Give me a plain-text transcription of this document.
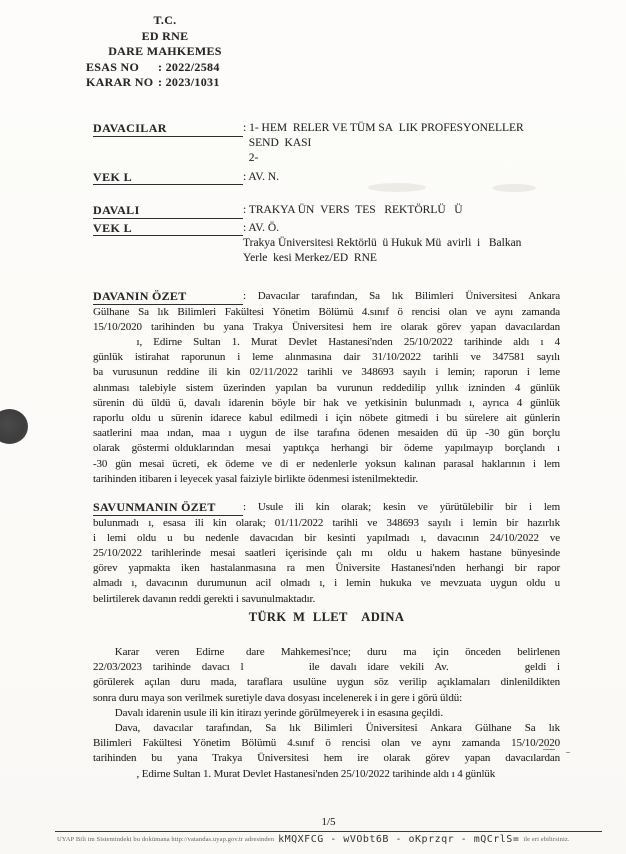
T.C.
ED RNE
DARE MAHKEMES
ESAS NO	: 2022/2584
KARAR NO : 2023/1031
DAVACILAR	: 1- HEM RELER VE TÜM SA LIK PROFESYONELLER
 SEND KASI
 2-
VEK L	: AV. N.
DAVALI	: TRAKYA ÜN VERS TES  REKTÖRLÜ  Ü
VEK L	: AV. Ö.
Trakya Üniversitesi Rektörlü ü Hukuk Mü avirli i  Balkan
Yerle kesi Merkez/ED RNE
DAVANIN ÖZET	: Davacılar tarafından, Sa lık Bilimleri Üniversitesi Ankara
Gülhane Sa lık Bilimleri Fakültesi Yönetim Bölümü 4.sınıf ö rencisi olan ve aynı zamanda
15/10/2020 tarihinden bu yana Trakya Üniversitesi hem ire olarak görev yapan davacılardan
    ı, Edirne Sultan 1. Murat Devlet Hastanesi'nden 25/10/2022 tarihinde aldı ı 4
günlük istirahat raporunun i leme alınmasına dair 31/10/2022 tarihli ve 347581 sayılı
ba vurusunun reddine ili kin 02/11/2022 tarihli ve 348693 sayılı i lemin; raporun i leme
alınması talebiyle sistem üzerinden yapılan ba vurunun reddedilip yıllık izninden 4 günlük
sürenin dü üldü ü, davalı idarenin böyle bir hak ve yetkisinin bulunmadı ı, ayrıca 4 günlük
raporlu oldu u sürenin idarece kabul edilmedi i için nöbete gitmedi i bu sürelere ait günlerin
saatlerini maa ından, maa ı uygun de ilse tarafına ödenen mesaiden dü üp -30 gün borçlu
olarak göstermi olduklarından mesai yaptıkça herhangi bir ödeme yapılmayıp borçlandı ı
-30 gün mesai ücreti, ek ödeme ve di er nedenlerle yoksun kalınan parasal haklarının i lem
tarihinden itibaren i leyecek yasal faiziyle birlikte ödenmesi istenilmektedir.
SAVUNMANIN ÖZET	: Usule ili kin olarak; kesin ve yürütülebilir bir i lem
bulunmadı ı, esasa ili kin olarak; 01/11/2022 tarihli ve 348693 sayılı i lemin bir hazırlık
i lemi oldu u bu nedenle davacıdan bir kesinti yapılmadı ı, davacının 24/10/2022 ve
25/10/2022 tarihlerinde mesai saatleri içerisinde çalı mı  oldu u hakem hastane bünyesinde
görev yapmakta iken hastalanmasına ra men Üniversite Hastanesi'nden herhangi bir rapor
almadı ı, davacının durumunun acil olmadı ı, i lemin hukuka ve mevzuata uygun oldu u
belirtilerek davanın reddi gerekti i savunulmaktadır.
TÜRK M LLET  ADINA
  Karar veren Edirne  dare Mahkemesi'nce; duru ma için önceden belirlenen
22/03/2023 tarihinde davacı l      ile davalı idare vekili Av.       geldi i
görülerek açılan duru mada, taraflara usulüne uygun söz verilip açıklamaları dinlenildikten
sonra duru maya son verilmek suretiyle dava dosyası incelenerek i in gere i görü üldü:
  Davalı idarenin usule ili kin itirazı yerinde görülmeyerek i in esasına geçildi.
  Dava, davacılar tarafından, Sa lık Bilimleri Üniversitesi Ankara Gülhane Sa lık
Bilimleri Fakültesi Yönetim Bölümü 4.sınıf ö rencisi olan ve aynı zamanda 15/10/2020
tarihinden bu yana Trakya Üniversitesi hem ire olarak görev yapan davacılardan
    , Edirne Sultan 1. Murat Devlet Hastanesi'nden 25/10/2022 tarihinde aldı ı 4 günlük
1/5
UYAP Bili im Sistemindeki bu dokümana http://vatandas.uyap.gov.tr adresinden kMQXFCG - wVObt6B - oKprzqr - mQCrlS= ile eri ebilirsiniz.
